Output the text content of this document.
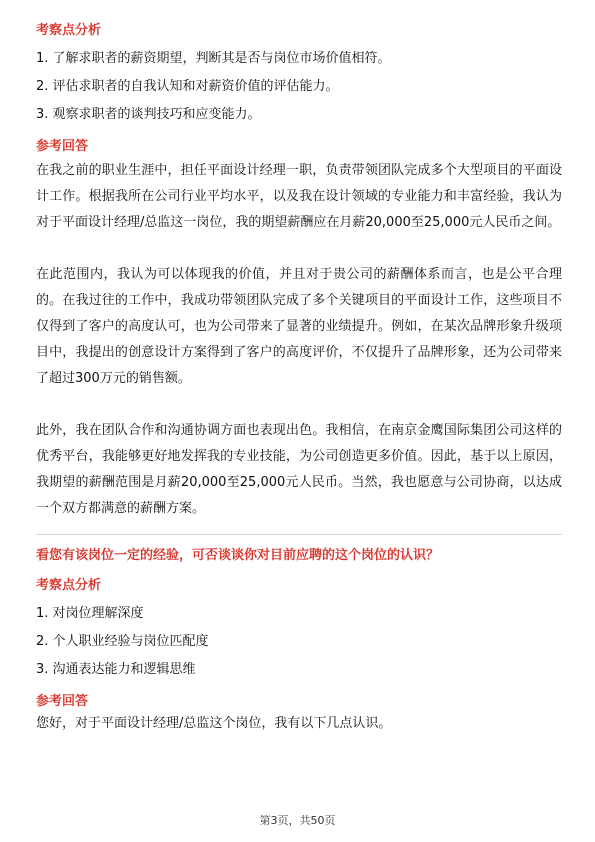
考察点分析

1. 了解求职者的薪资期望，判断其是否与岗位市场价值相符。

2. 评估求职者的自我认知和对薪资价值的评估能力。

3. 观察求职者的谈判技巧和应变能力。

参考回答

在我之前的职业生涯中，担任平面设计经理一职，负责带领团队完成多个大型项目的平面设计工作。根据我所在公司行业平均水平，以及我在设计领域的专业能力和丰富经验，我认为对于平面设计经理/总监这一岗位，我的期望薪酬应在月薪20,000至25,000元人民币之间。

在此范围内，我认为可以体现我的价值，并且对于贵公司的薪酬体系而言，也是公平合理的。在我过往的工作中，我成功带领团队完成了多个关键项目的平面设计工作，这些项目不仅得到了客户的高度认可，也为公司带来了显著的业绩提升。例如，在某次品牌形象升级项目中，我提出的创意设计方案得到了客户的高度评价，不仅提升了品牌形象，还为公司带来了超过300万元的销售额。

此外，我在团队合作和沟通协调方面也表现出色。我相信，在南京金鹰国际集团公司这样的优秀平台，我能够更好地发挥我的专业技能，为公司创造更多价值。因此，基于以上原因，我期望的薪酬范围是月薪20,000至25,000元人民币。当然，我也愿意与公司协商，以达成一个双方都满意的薪酬方案。

看您有该岗位一定的经验，可否谈谈你对目前应聘的这个岗位的认识？
考察点分析

1. 对岗位理解深度

2. 个人职业经验与岗位匹配度

3. 沟通表达能力和逻辑思维

参考回答

您好，对于平面设计经理/总监这个岗位，我有以下几点认识。

第3页，共50页
